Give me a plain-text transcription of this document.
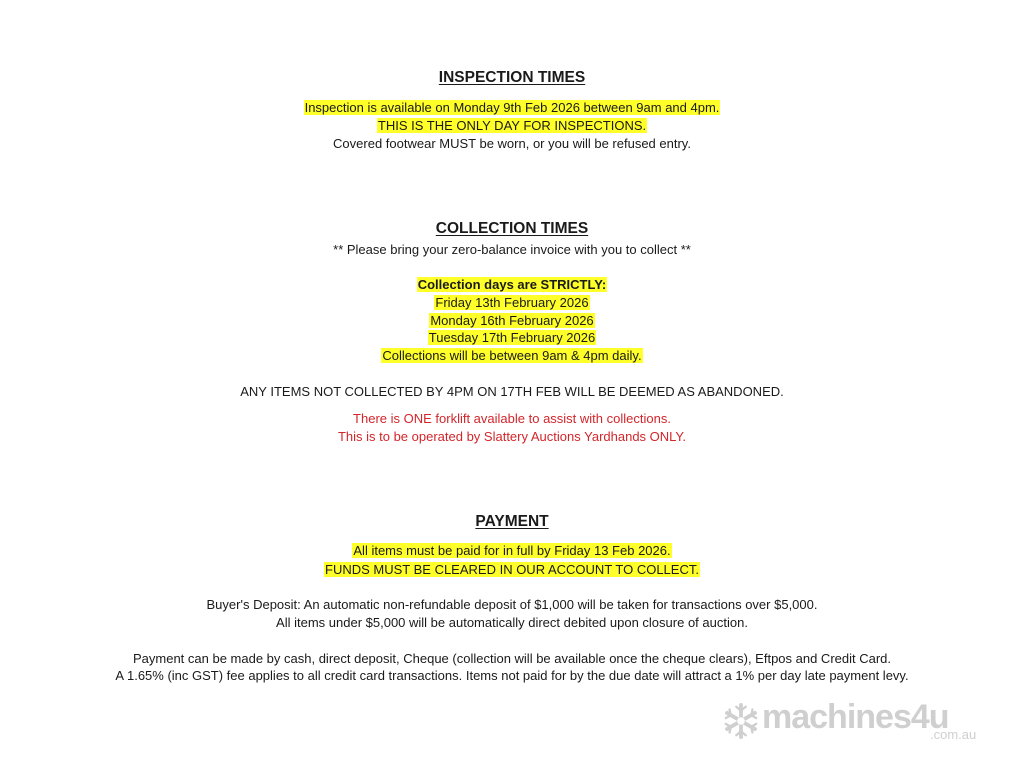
INSPECTION TIMES
Inspection is available on Monday 9th Feb 2026 between 9am and 4pm.
THIS IS THE ONLY DAY FOR INSPECTIONS.
Covered footwear MUST be worn, or you will be refused entry.
COLLECTION TIMES
** Please bring your zero-balance invoice with you to collect **
Collection days are STRICTLY:
Friday 13th February 2026
Monday 16th February 2026
Tuesday 17th February 2026
Collections will be between 9am & 4pm daily.
ANY ITEMS NOT COLLECTED BY 4PM ON 17TH FEB WILL BE DEEMED AS ABANDONED.
There is ONE forklift available to assist with collections.
This is to be operated by Slattery Auctions Yardhands ONLY.
PAYMENT
All items must be paid for in full by Friday 13 Feb 2026.
FUNDS MUST BE CLEARED IN OUR ACCOUNT TO COLLECT.
Buyer's Deposit: An automatic non-refundable deposit of $1,000 will be taken for transactions over $5,000.
All items under $5,000 will be automatically direct debited upon closure of auction.
Payment can be made by cash, direct deposit, Cheque (collection will be available once the cheque clears), Eftpos and Credit Card.
A 1.65% (inc GST) fee applies to all credit card transactions. Items not paid for by the due date will attract a 1% per day late payment levy.
machines4u
.com.au
